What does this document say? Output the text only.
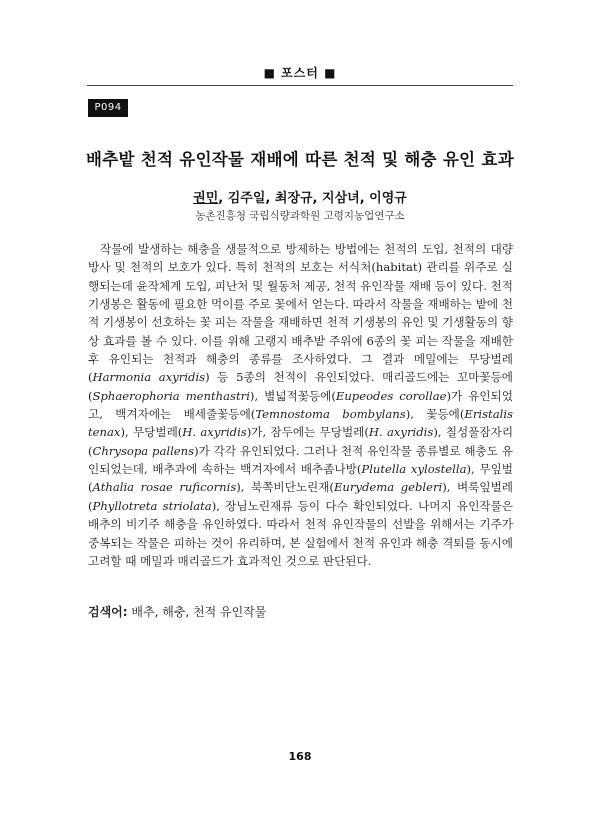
■ 포스터 ■
P094
배추밭 천적 유인작물 재배에 따른 천적 및 해충 유인 효과
권민, 김주일, 최장규, 지삼녀, 이영규
농촌진흥청 국립식량과학원 고령지농업연구소

작물에 발생하는 해충을 생물적으로 방제하는 방법에는 천적의 도입, 천적의 대량방사 및 천적의 보호가 있다. 특히 천적의 보호는 서식처(habitat) 관리를 위주로 실행되는데 윤작체계 도입, 피난처 및 월동처 제공, 천적 유인작물 재배 등이 있다. 천적 기생봉은 활동에 필요한 먹이를 주로 꽃에서 얻는다. 따라서 작물을 재배하는 밭에 천적 기생봉이 선호하는 꽃 피는 작물을 재배하면 천적 기생봉의 유인 및 기생활동의 향상 효과를 볼 수 있다. 이를 위해 고랭지 배추밭 주위에 6종의 꽃 피는 작물을 재배한 후 유인되는 천적과 해충의 종류를 조사하였다. 그 결과 메밀에는 무당벌레(Harmonia axyridis) 등 5종의 천적이 유인되었다. 매리골드에는 꼬마꽃등에(Sphaerophoria menthastri), 별넓적꽃등에(Eupeodes corollae)가 유인되었고, 백겨자에는 배세줄꽃등에(Temnostoma bombylans), 꽃등에(Eristalis tenax), 무당벌레(H. axyridis)가, 잠두에는 무당벌레(H. axyridis), 칠성풀잠자리(Chrysopa pallens)가 각각 유인되었다. 그러나 천적 유인작물 종류별로 해충도 유인되었는데, 배추과에 속하는 백겨자에서 배추좀나방(Plutella xylostella), 무잎벌(Athalia rosae ruficornis), 북쪽비단노린재(Eurydema gebleri), 벼룩잎벌레(Phyllotreta striolata), 장님노린재류 등이 다수 확인되었다. 나머지 유인작물은 배추의 비기주 해충을 유인하였다. 따라서 천적 유인작물의 선발을 위해서는 기주가 중복되는 작물은 피하는 것이 유리하며, 본 실험에서 천적 유인과 해충 격퇴를 동시에 고려할 때 메밀과 매리골드가 효과적인 것으로 판단된다.

검색어: 배추, 해충, 천적 유인작물
168
